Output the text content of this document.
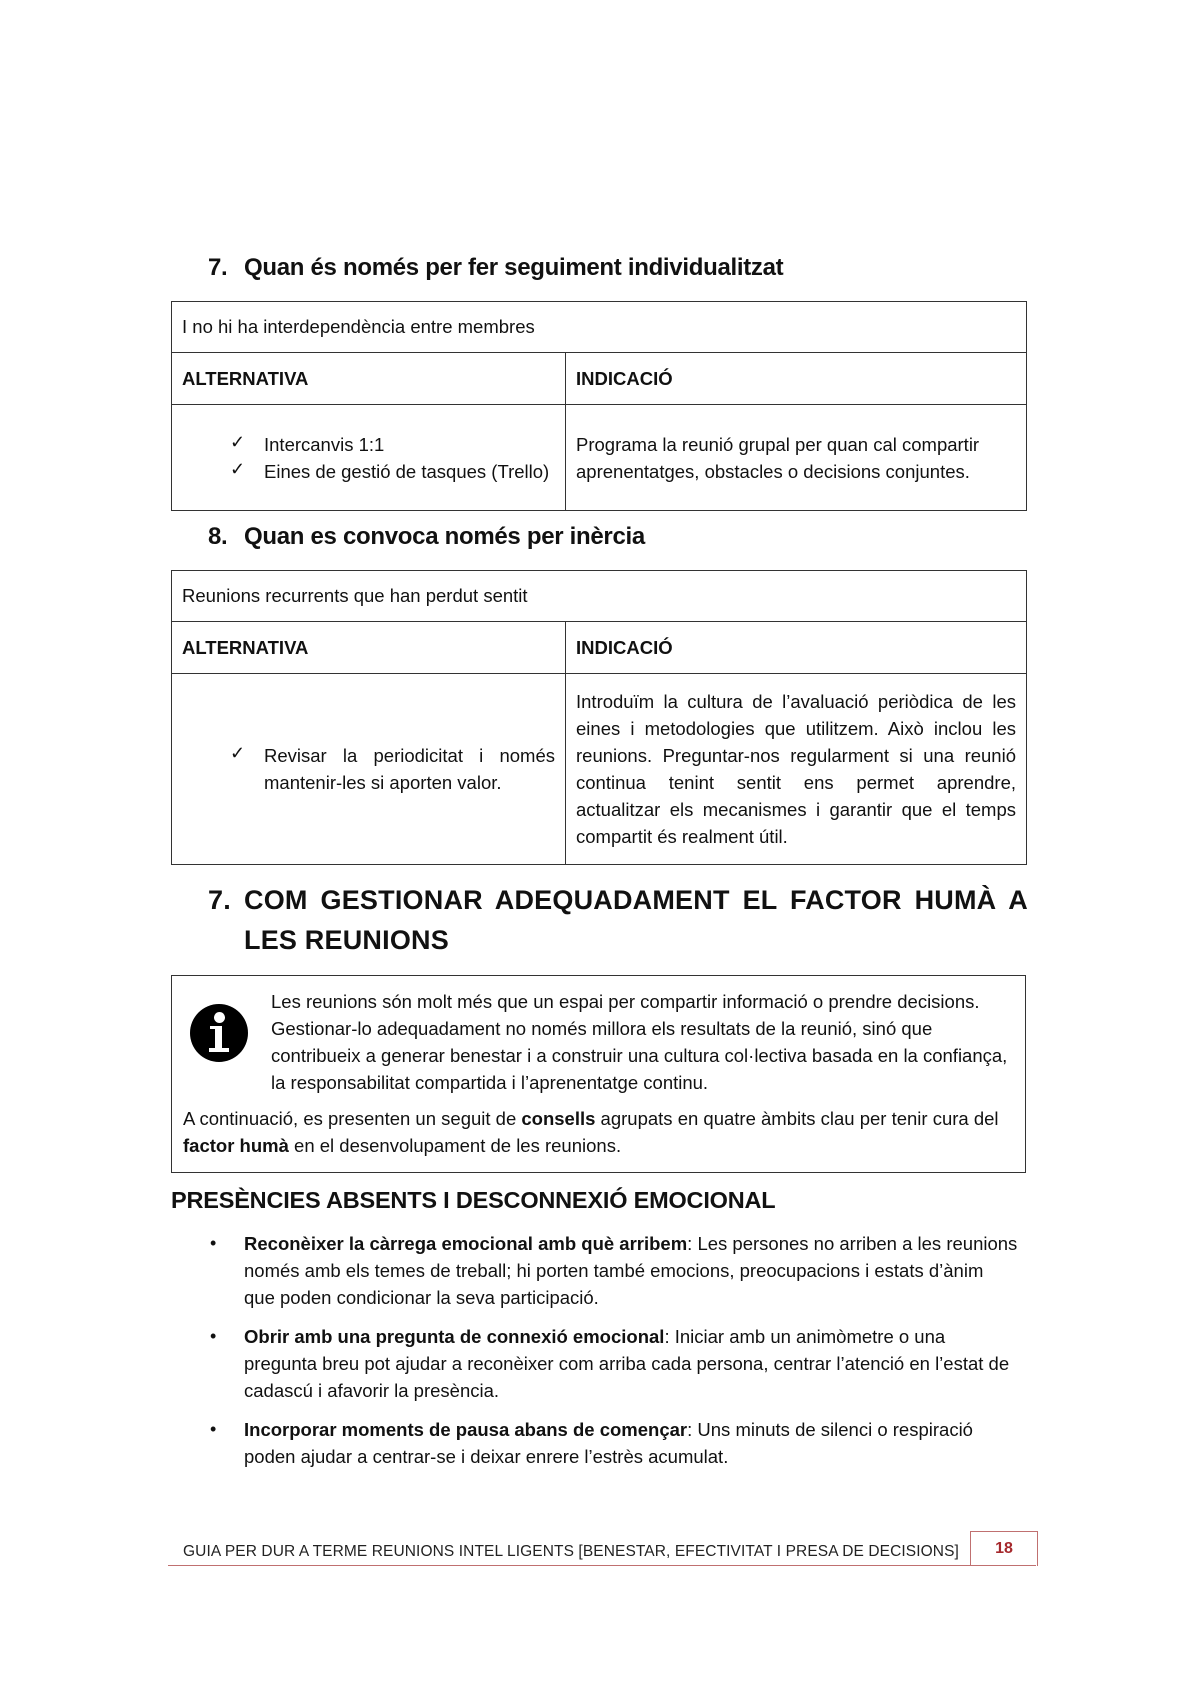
7. Quan és només per fer seguiment individualitzat
I no hi ha interdependència entre membres	
ALTERNATIVA	INDICACIÓ

✓ Intercanvis 1:1
✓ Eines de gestió de tasques (Trello)
	Programa la reunió grupal per quan cal compartir aprenentatges, obstacles o decisions conjuntes.
8. Quan es convoca només per inèrcia
Reunions recurrents que han perdut sentit	
ALTERNATIVA	INDICACIÓ

✓ Revisar la periodicitat i només mantenir-les si aporten valor.
	Introduïm la cultura de l’avaluació periòdica de les eines i metodologies que utilitzem. Això inclou les reunions. Preguntar-nos regularment si una reunió continua tenint sentit ens permet aprendre, actualitzar els mecanismes i garantir que el temps compartit és realment útil.
7. COM GESTIONAR ADEQUADAMENT EL FACTOR HUMÀ A LES REUNIONS
Les reunions són molt més que un espai per compartir informació o prendre decisions. Gestionar-lo adequadament no només millora els resultats de la reunió, sinó que contribueix a generar benestar i a construir una cultura col·lectiva basada en la confiança, la responsabilitat compartida i l’aprenentatge continu.
A continuació, es presenten un seguit de consells agrupats en quatre àmbits clau per tenir cura del factor humà en el desenvolupament de les reunions.
PRESÈNCIES ABSENTS I DESCONNEXIÓ EMOCIONAL
• Reconèixer la càrrega emocional amb què arribem: Les persones no arriben a les reunions només amb els temes de treball; hi porten també emocions, preocupacions i estats d’ànim que poden condicionar la seva participació.
• Obrir amb una pregunta de connexió emocional: Iniciar amb un animòmetre o una pregunta breu pot ajudar a reconèixer com arriba cada persona, centrar l’atenció en l’estat de cadascú i afavorir la presència.
• Incorporar moments de pausa abans de començar: Uns minuts de silenci o respiració poden ajudar a centrar-se i deixar enrere l’estrès acumulat.
GUIA PER DUR A TERME REUNIONS INTEL LIGENTS [BENESTAR, EFECTIVITAT I PRESA DE DECISIONS]	18
